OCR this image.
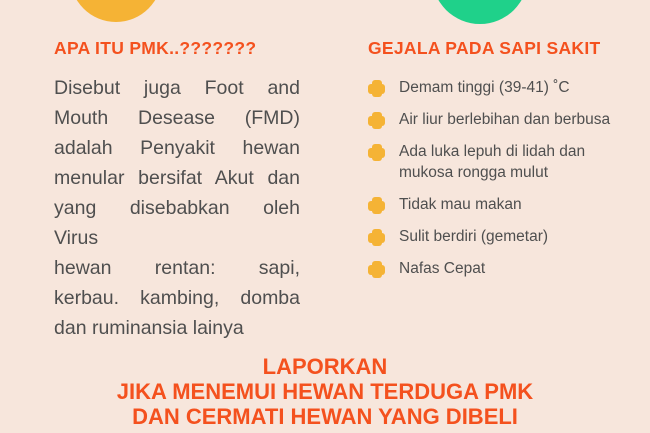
APA ITU PMK..???????

Disebut juga Foot and

Mouth Desease (FMD)

adalah Penyakit hewan

menular bersifat Akut dan

yang disebabkan oleh

Virus

hewan rentan: sapi,

kerbau. kambing, domba

dan ruminansia lainya

GEJALA PADA SAPI SAKIT
Demam tinggi (39-41) ˚C
Air liur berlebihan dan berbusa
Ada luka lepuh di lidah dan mukosa rongga mulut
Tidak mau makan
Sulit berdiri (gemetar)
Nafas Cepat
LAPORKAN
JIKA MENEMUI HEWAN TERDUGA PMK
DAN CERMATI HEWAN YANG DIBELI
